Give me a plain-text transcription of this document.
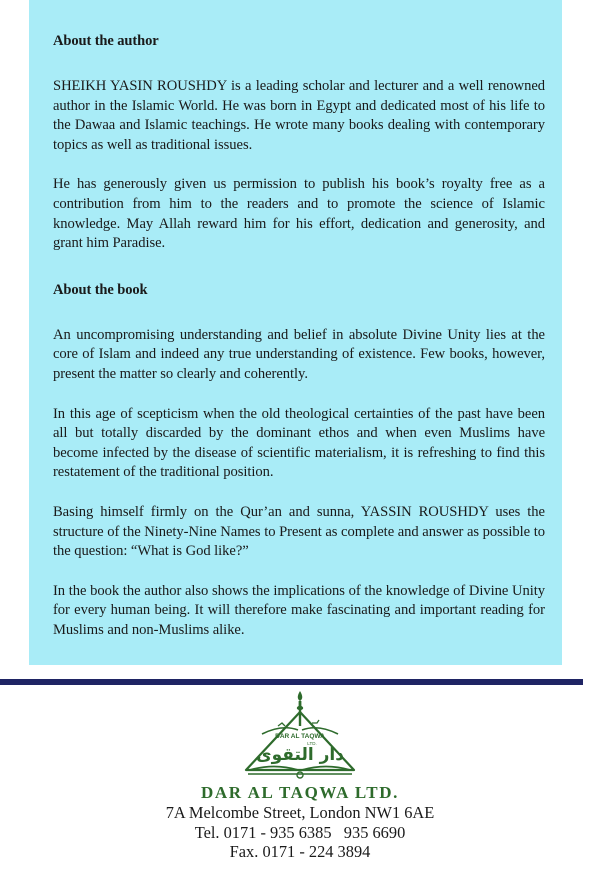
About the author

SHEIKH YASIN ROUSHDY is a leading scholar and lecturer and a well renowned author in the Islamic World. He was born in Egypt and dedicated most of his life to the Dawaa and Islamic teachings. He wrote many books dealing with contemporary topics as well as traditional issues.

He has generously given us permission to publish his book’s royalty free as a contribution from him to the readers and to promote the science of Islamic knowledge. May Allah reward him for his effort, dedication and generosity, and grant him Paradise.

About the book

An uncompromising understanding and belief in absolute Divine Unity lies at the core of Islam and indeed any true understanding of existence. Few books, however, present the matter so clearly and coherently.

In this age of scepticism when the old theological certainties of the past have been all but totally discarded by the dominant ethos and when even Muslims have become infected by the disease of scientific materialism, it is refreshing to find this restatement of the traditional position.

Basing himself firmly on the Qur’an and sunna, YASSIN ROUSHDY uses the structure of the Ninety-Nine Names to Present as complete and answer as possible to the question: “What is God like?”

In the book the author also shows the implications of the knowledge of Divine Unity for every human being. It will therefore make fascinating and important reading for Muslims and non-Muslims alike.

DAR AL TAQWA
LTD.
دار التقوى
DAR AL TAQWA LTD.
7A Melcombe Street, London NW1 6AE
Tel. 0171 - 935 6385   935 6690
Fax. 0171 - 224 3894
